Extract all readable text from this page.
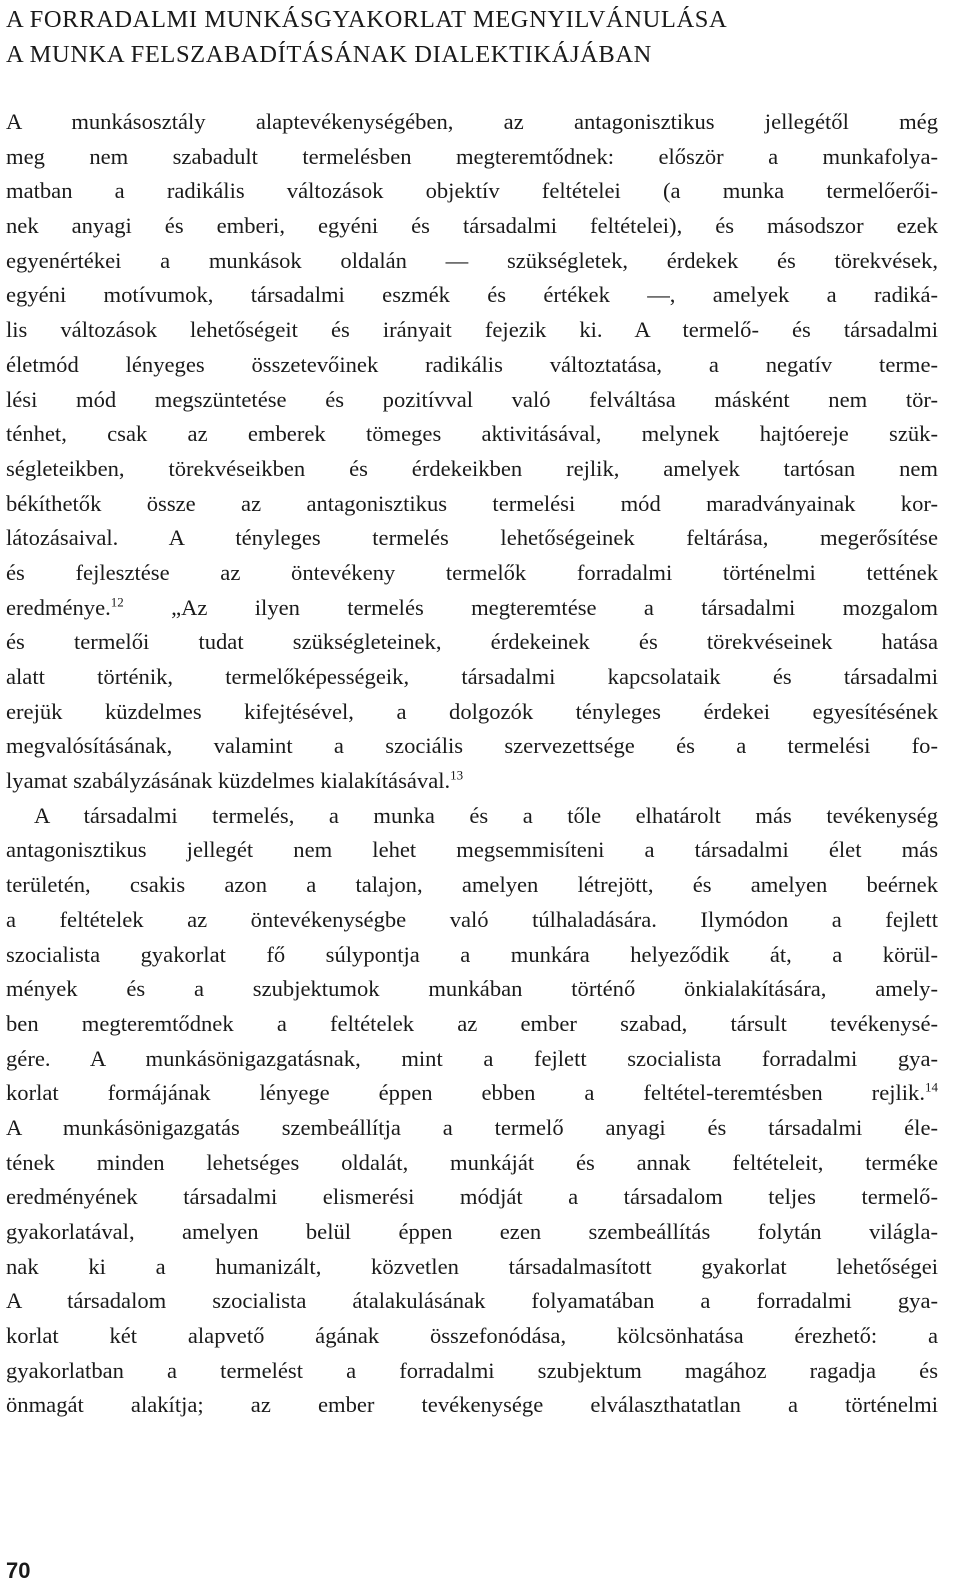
A FORRADALMI MUNKÁSGYAKORLAT MEGNYILVÁNULÁSA
A MUNKA FELSZABADÍTÁSÁNAK DIALEKTIKÁJÁBAN
A munkásosztály alaptevékenységében, az antagonisztikus jellegétől még
meg nem szabadult termelésben megteremtődnek: először a munkafolya-
matban a radikális változások objektív feltételei (a munka termelőerői-
nek anyagi és emberi, egyéni és társadalmi feltételei), és másodszor ezek
egyenértékei a munkások oldalán — szükségletek, érdekek és törekvések,
egyéni motívumok, társadalmi eszmék és értékek —, amelyek a radiká-
lis változások lehetőségeit és irányait fejezik ki. A termelő- és társadalmi
életmód lényeges összetevőinek radikális változtatása, a negatív terme-
lési mód megszüntetése és pozitívval való felváltása másként nem tör-
ténhet, csak az emberek tömeges aktivitásával, melynek hajtóereje szük-
ségleteikben, törekvéseikben és érdekeikben rejlik, amelyek tartósan nem
békíthetők össze az antagonisztikus termelési mód maradványainak kor-
látozásaival. A tényleges termelés lehetőségeinek feltárása, megerősítése
és fejlesztése az öntevékeny termelők forradalmi történelmi tettének
eredménye.$^{12}$ „Az ilyen termelés megteremtése a társadalmi mozgalom
és termelői tudat szükségleteinek, érdekeinek és törekvéseinek hatása
alatt történik, termelőképességeik, társadalmi kapcsolataik és társadalmi
erejük küzdelmes kifejtésével, a dolgozók tényleges érdekei egyesítésének
megvalósításának, valamint a szociális szervezettsége és a termelési fo-
lyamat szabályzásának küzdelmes kialakításával.$^{13}$
A társadalmi termelés, a munka és a tőle elhatárolt más tevékenység
antagonisztikus jellegét nem lehet megsemmisíteni a társadalmi élet más
területén, csakis azon a talajon, amelyen létrejött, és amelyen beérnek
a feltételek az öntevékenységbe való túlhaladására. Ilymódon a fejlett
szocialista gyakorlat fő súlypontja a munkára helyeződik át, a körül-
mények és a szubjektumok munkában történő önkialakítására, amely-
ben megteremtődnek a feltételek az ember szabad, társult tevékenysé-
gére. A munkásönigazgatásnak, mint a fejlett szocialista forradalmi gya-
korlat formájának lényege éppen ebben a feltétel-teremtésben rejlik.$^{14}$
A munkásönigazgatás szembeállítja a termelő anyagi és társadalmi éle-
tének minden lehetséges oldalát, munkáját és annak feltételeit, terméke
eredményének társadalmi elismerési módját a társadalom teljes termelő-
gyakorlatával, amelyen belül éppen ezen szembeállítás folytán világla-
nak ki a humanizált, közvetlen társadalmasított gyakorlat lehetőségei
A társadalom szocialista átalakulásának folyamatában a forradalmi gya-
korlat két alapvető ágának összefonódása, kölcsönhatása érezhető: a
gyakorlatban a termelést a forradalmi szubjektum magához ragadja és
önmagát alakítja; az ember tevékenysége elválaszthatatlan a történelmi
70
